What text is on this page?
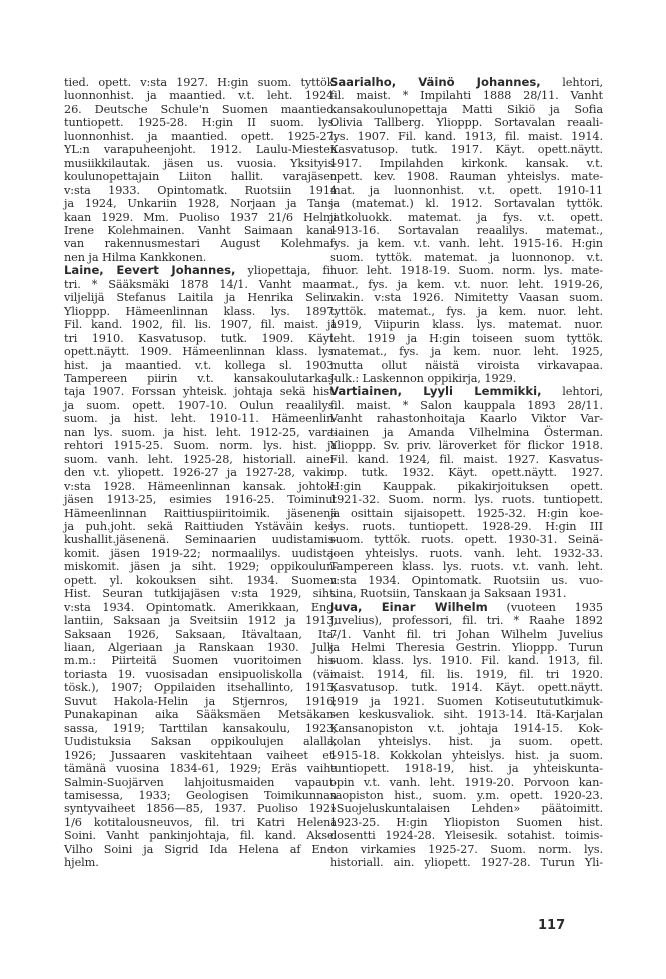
tied. opett. v:sta 1927. H:gin suom. tyttök.
luonnonhist. ja maantied. v.t. leht. 1924-
26. Deutsche Schule'n Suomen maantied.
tuntiopett. 1925-28. H:gin II suom. lys.
luonnonhist. ja maantied. opett. 1925-27.
YL:n varapuheenjoht. 1912. Laulu-Miesten
musiikkilautak. jäsen us. vuosia. Yksityis-
koulunopettajain Liiton hallit. varajäsen
v:sta 1933. Opintomatk. Ruotsiin 1914
ja 1924, Unkariin 1928, Norjaan ja Tans-
kaan 1929. Mm. Puoliso 1937 21/6 Helmi
Irene Kolehmainen. Vanht Saimaan kana-
van rakennusmestari August Kolehmai-
nen ja Hilma Kankkonen.
Laine, Eevert Johannes, yliopettaja, fil.
tri. * Sääksmäki 1878 14/1. Vanht maan-
viljelijä Stefanus Laitila ja Henrika Selin.
Ylioppp. Hämeenlinnan klass. lys. 1897.
Fil. kand. 1902, fil. lis. 1907, fil. maist. ja
tri 1910. Kasvatusop. tutk. 1909. Käyt.
opett.näytt. 1909. Hämeenlinnan klass. lys.
hist. ja maantied. v.t. kollega sl. 1903.
Tampereen piirin v.t. kansakoulutarkas-
taja 1907. Forssan yhteisk. johtaja sekä hist.
ja suom. opett. 1907-10. Oulun reaalilys.
suom. ja hist. leht. 1910-11. Hämeenlin-
nan lys. suom. ja hist. leht. 1912-25, vara-
rehtori 1915-25. Suom. norm. lys. hist. ja
suom. vanh. leht. 1925-28, historiall. ainei-
den v.t. yliopett. 1926-27 ja 1927-28, vakin.
v:sta 1928. Hämeenlinnan kansak. johtok.
jäsen 1913-25, esimies 1916-25. Toiminut
Hämeenlinnan Raittiuspiiritoimik. jäsenenä
ja puh.joht. sekä Raittiuden Ystäväin kes-
kushallit.jäsenenä. Seminaarien uudistamis-
komit. jäsen 1919-22; normaalilys. uudista-
miskomit. jäsen ja siht. 1929; oppikoulun-
opett. yl. kokouksen siht. 1934. Suomen
Hist. Seuran tutkijajäsen v:sta 1929, siht.
v:sta 1934. Opintomatk. Amerikkaan, Eng-
lantiin, Saksaan ja Sveitsiin 1912 ja 1913,
Saksaan 1926, Saksaan, Itävaltaan, Ita-
liaan, Algeriaan ja Ranskaan 1930. Julk.
m.m.: Piirteitä Suomen vuoritoimen his-
toriasta 19. vuosisadan ensipuoliskolla (väi-
tösk.), 1907; Oppilaiden itsehallinto, 1915;
Suvut Hakola-Helin ja Stjernros, 1916;
Punakapinan aika Sääksmäen Metsäkan-
sassa, 1919; Tarttilan kansakoulu, 1923;
Uudistuksia Saksan oppikoulujen alalla,
1926; Jussaaren vaskitehtaan vaiheet et-
tämänä vuosina 1834-61, 1929; Eräs vaihe
Salmin-Suojärven lahjoitusmaiden vapaut-
tamisessa, 1933; Geologisen Toimikunnan
syntyvaiheet 1856—85, 1937. Puoliso 1921
1/6 kotitalousneuvos, fil. tri Katri Helena
Soini. Vanht pankinjohtaja, fil. kand. Aksel
Vilho Soini ja Sigrid Ida Helena af Ene-
hjelm.
Saarialho, Väinö Johannes, lehtori,
fil. maist. * Impilahti 1888 28/11. Vanht
kansakoulunopettaja Matti Sikiö ja Sofia
Olivia Tallberg. Ylioppp. Sortavalan reaali-
lys. 1907. Fil. kand. 1913, fil. maist. 1914.
Kasvatusop. tutk. 1917. Käyt. opett.näytt.
1917. Impilahden kirkonk. kansak. v.t.
opett. kev. 1908. Rauman yhteislys. mate-
mat. ja luonnonhist. v.t. opett. 1910-11
ja (matemat.) kl. 1912. Sortavalan tyttök.
jatkoluokk. matemat. ja fys. v.t. opett.
1913-16. Sortavalan reaalilys. matemat.,
fys. ja kem. v.t. vanh. leht. 1915-16. H:gin
suom. tyttök. matemat. ja luonnonop. v.t.
nuor. leht. 1918-19. Suom. norm. lys. mate-
mat., fys. ja kem. v.t. nuor. leht. 1919-26,
vakin. v:sta 1926. Nimitetty Vaasan suom.
tyttök. matemat., fys. ja kem. nuor. leht.
1919, Viipurin klass. lys. matemat. nuor.
leht. 1919 ja H:gin toiseen suom tyttök.
matemat., fys. ja kem. nuor. leht. 1925,
mutta ollut näistä viroista virkavapaa.
Julk.: Laskennon oppikirja, 1929.
Vartiainen, Lyyli Lemmikki, lehtori,
fil. maist. * Salon kauppala 1893 28/11.
Vanht rahastonhoitaja Kaarlo Viktor Var-
tiainen ja Amanda Vilhelmina Österman.
Ylioppp. Sv. priv. läroverket för flickor 1918.
Fil. kand. 1924, fil. maist. 1927. Kasvatus-
op. tutk. 1932. Käyt. opett.näytt. 1927.
H:gin Kauppak. pikakirjoituksen opett.
1921-32. Suom. norm. lys. ruots. tuntiopett.
ja osittain sijaisopett. 1925-32. H:gin koe-
lys. ruots. tuntiopett. 1928-29. H:gin III
suom. tyttök. ruots. opett. 1930-31. Seinä-
joen yhteislys. ruots. vanh. leht. 1932-33.
Tampereen klass. lys. ruots. v.t. vanh. leht.
v:sta 1934. Opintomatk. Ruotsiin us. vuo-
sina, Ruotsiin, Tanskaan ja Saksaan 1931.
Juva, Einar Wilhelm (vuoteen 1935
Juvelius), professori, fil. tri. * Raahe 1892
7/1. Vanht fil. tri Johan Wilhelm Juvelius
ja Helmi Theresia Gestrin. Ylioppp. Turun
suom. klass. lys. 1910. Fil. kand. 1913, fil.
maist. 1914, fil. lis. 1919, fil. tri 1920.
Kasvatusop. tutk. 1914. Käyt. opett.näytt.
1919 ja 1921. Suomen Kotiseutututkimuk-
sen keskusvaliok. siht. 1913-14. Itä-Karjalan
Kansanopiston v.t. johtaja 1914-15. Kok-
kolan yhteislys. hist. ja suom. opett.
1915-18. Kokkolan yhteislys. hist. ja suom.
tuntiopett. 1918-19, hist. ja yhteiskunta-
opin v.t. vanh. leht. 1919-20. Porvoon kan-
saopiston hist., suom. y.m. opett. 1920-23.
»Suojeluskuntalaisen Lehden» päätoimitt.
1923-25. H:gin Yliopiston Suomen hist.
dosentti 1924-28. Yleisesik. sotahist. toimis-
ton virkamies 1925-27. Suom. norm. lys.
historiall. ain. yliopett. 1927-28. Turun Yli-
117
